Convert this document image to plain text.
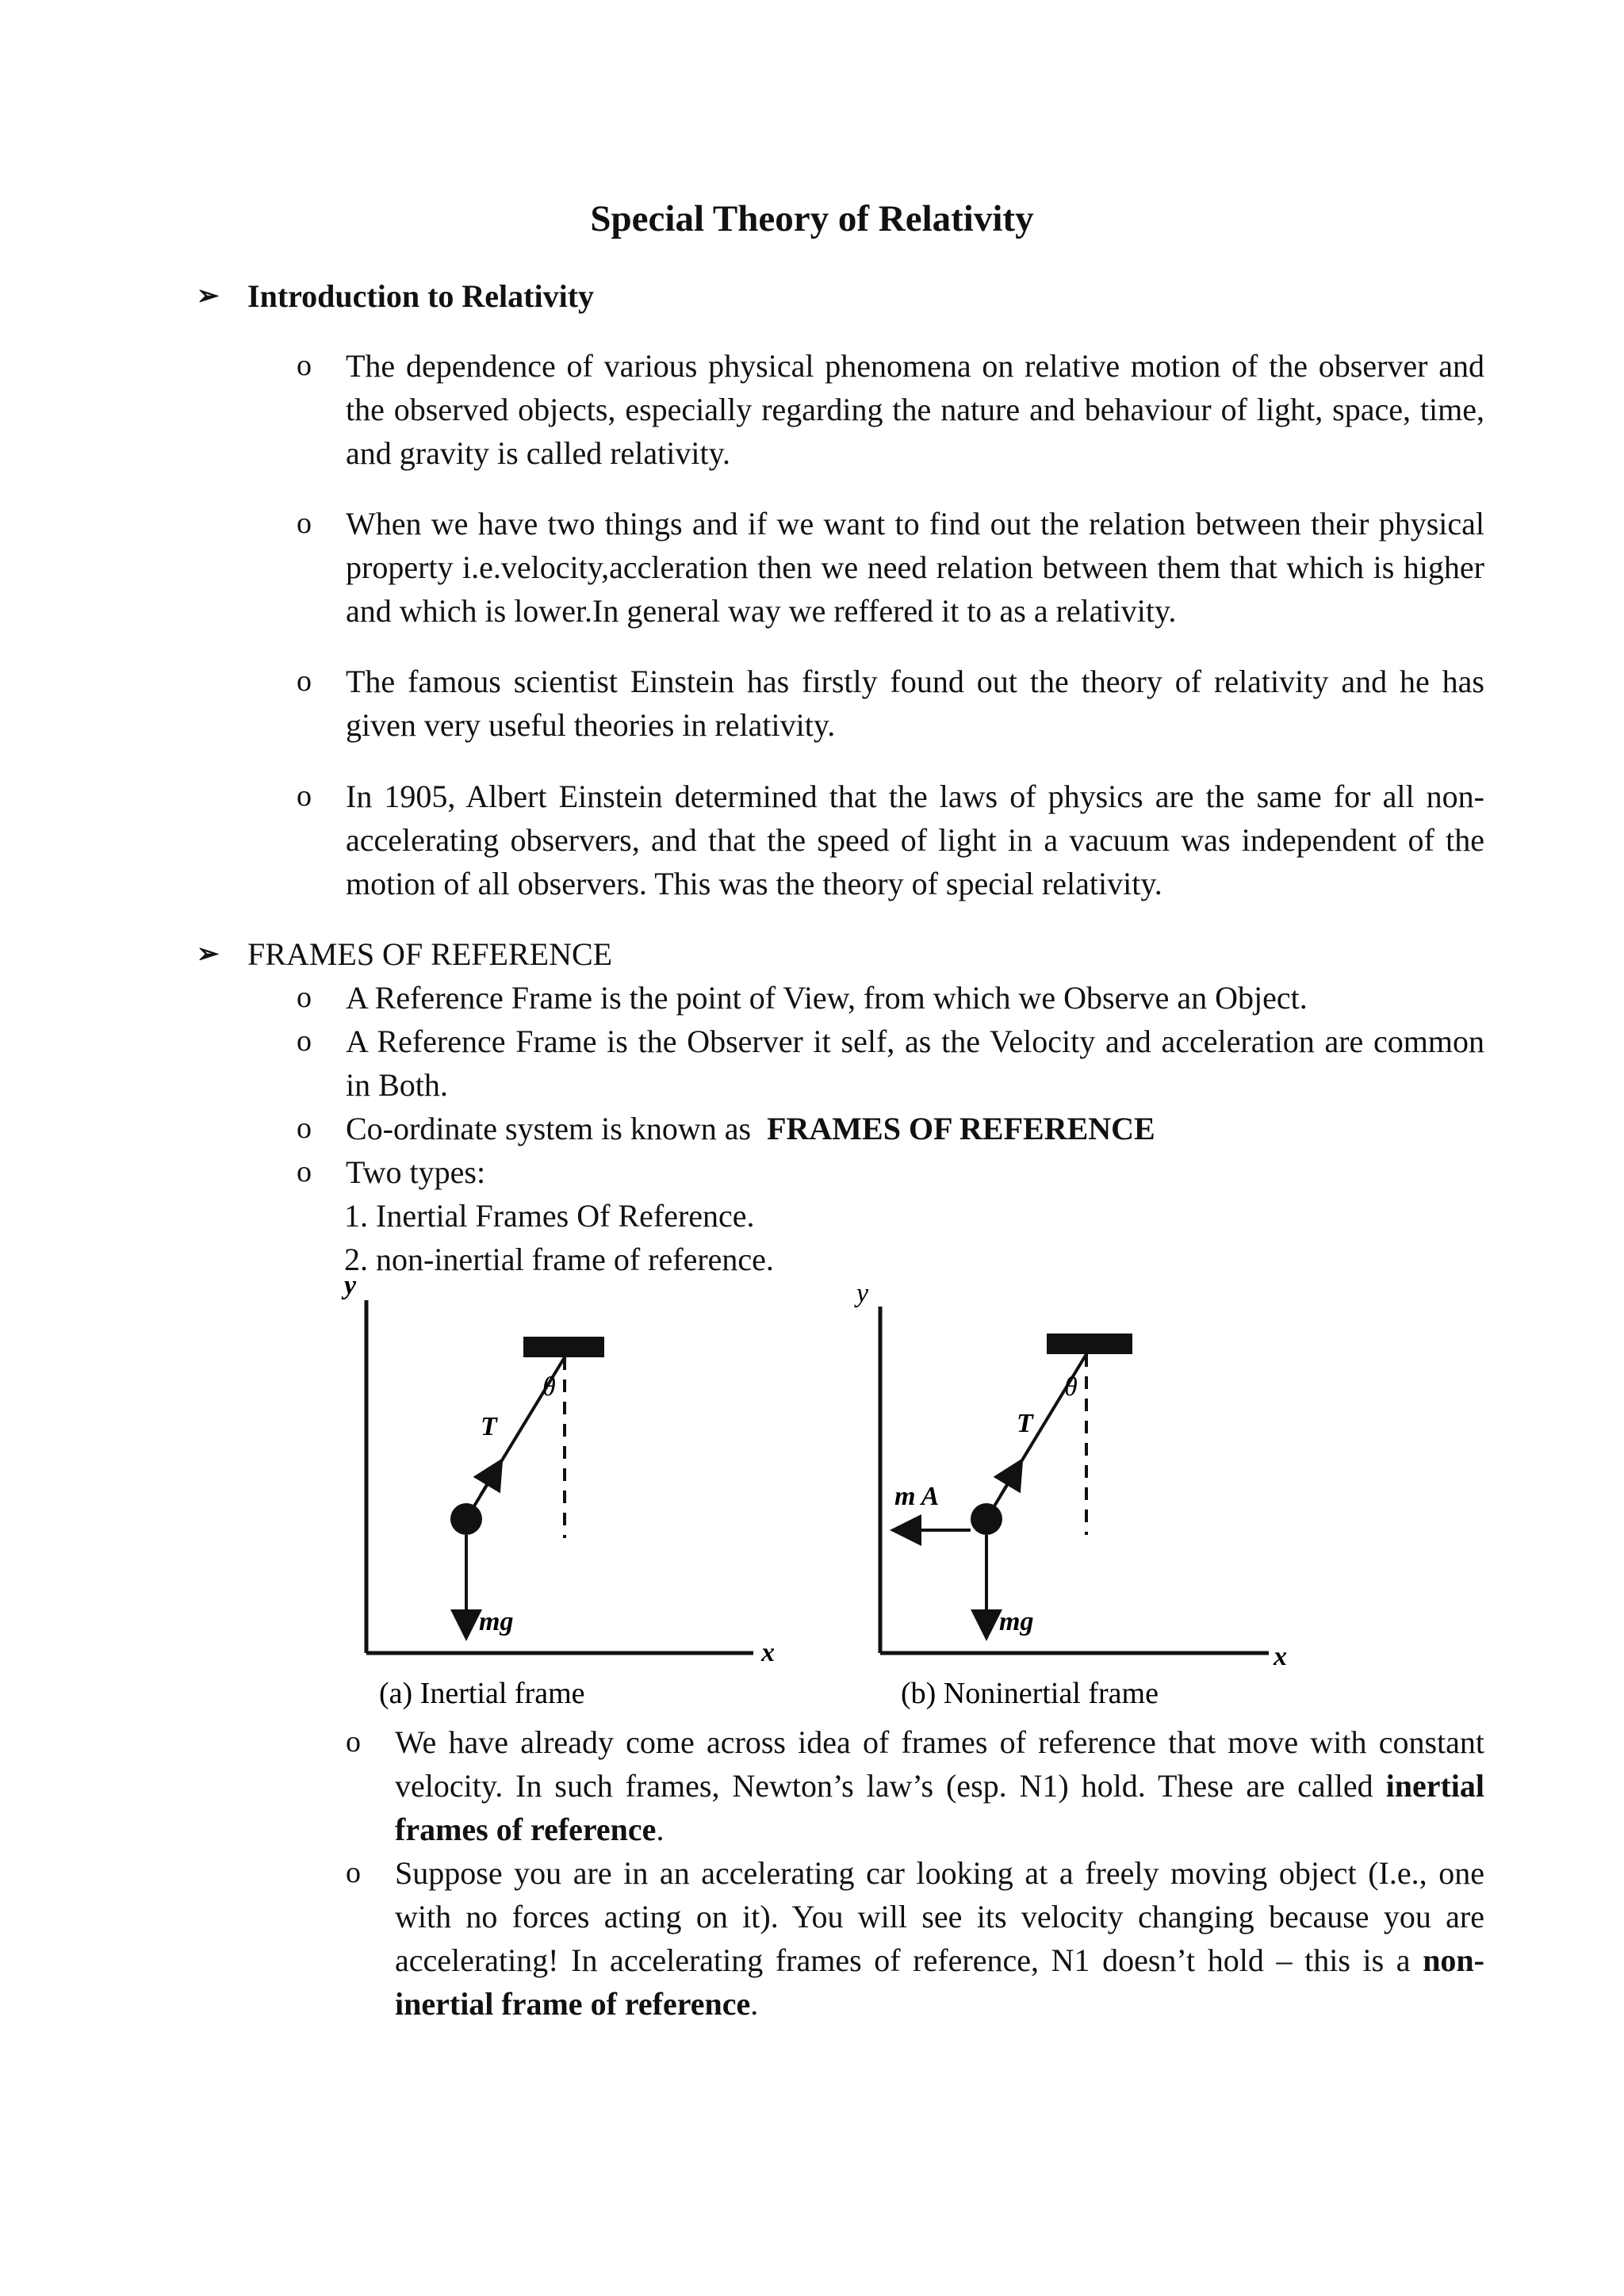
Special Theory of Relativity
➢ Introduction to Relativity
o The dependence of various physical phenomena on relative motion of the observer and the observed objects, especially regarding the nature and behaviour of light, space, time, and gravity is called relativity.

o When we have two things and if we want to find out the relation between their physical property i.e.velocity,accleration then we need relation between them that which is higher and which is lower.In general way we reffered it to as a relativity.

o The famous scientist Einstein has firstly found out the theory of relativity and he has given very useful theories in relativity.

o In 1905, Albert Einstein determined that the laws of physics are the same for all non-accelerating observers, and that the speed of light in a vacuum was independent of the motion of all observers. This was the theory of special relativity.

➢ FRAMES OF REFERENCE
o A Reference Frame is the point of View, from which we Observe an Object.

o A Reference Frame is the Observer it self, as the Velocity and acceleration are common in Both.

o Co-ordinate system is known as FRAMES OF REFERENCE

o Two types:

1. Inertial Frames Of Reference.
2. non-inertial frame of reference.
y
x
T
θ
mg
(a) Inertial frame
y
x
m A
T
θ
mg
(b) Noninertial frame
o We have already come across idea of frames of reference that move with constant velocity. In such frames, Newton’s law’s (esp. N1) hold. These are called inertial frames of reference.

o Suppose you are in an accelerating car looking at a freely moving object (I.e., one with no forces acting on it). You will see its velocity changing because you are accelerating! In accelerating frames of reference, N1 doesn’t hold – this is a non-inertial frame of reference.
